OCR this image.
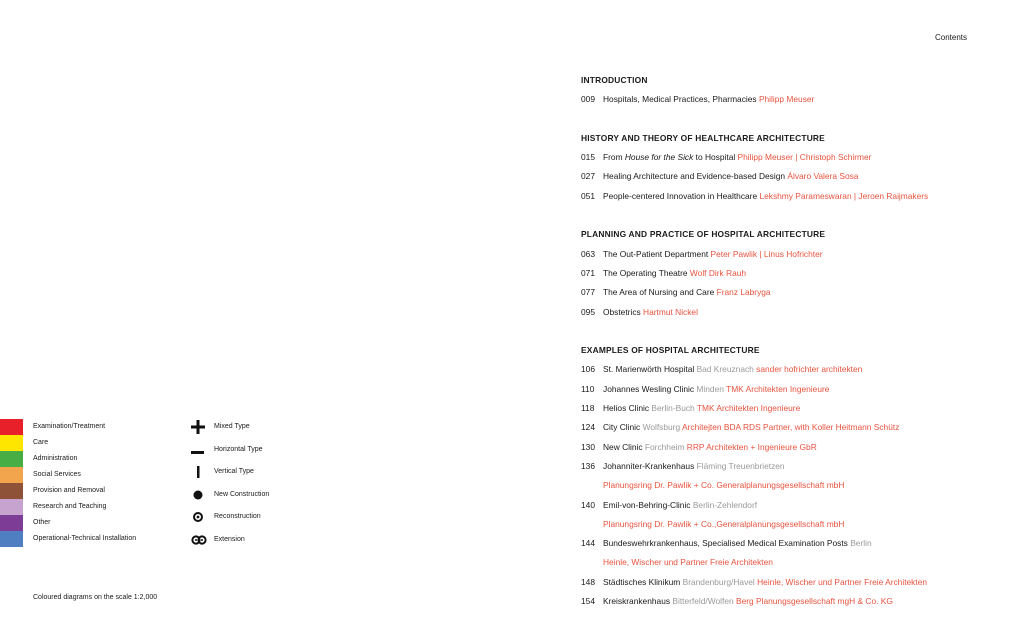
Contents
Examination/Treatment
Care
Administration
Social Services
Provision and Removal
Research and Teaching
Other
Operational-Technical Installation
Mixed Type
Horizontal Type
Vertical Type
New Construction
Reconstruction
Extension
Coloured diagrams on the scale 1:2,000
INTRODUCTION
009 Hospitals, Medical Practices, Pharmacies Philipp Meuser
HISTORY AND THEORY OF HEALTHCARE ARCHITECTURE
015 From House for the Sick to Hospital Philipp Meuser | Christoph Schirmer
027 Healing Architecture and Evidence-based Design Álvaro Valera Sosa
051 People-centered Innovation in Healthcare Lekshmy Parameswaran | Jeroen Raijmakers
PLANNING AND PRACTICE OF HOSPITAL ARCHITECTURE
063 The Out-Patient Department Peter Pawlik | Linus Hofrichter
071 The Operating Theatre Wolf Dirk Rauh
077 The Area of Nursing and Care Franz Labryga
095 Obstetrics Hartmut Nickel
EXAMPLES OF HOSPITAL ARCHITECTURE
106 St. Marienwörth Hospital Bad Kreuznach sander hofrichter architekten
110 Johannes Wesling Clinic Minden TMK Architekten Ingenieure
118 Helios Clinic Berlin-Buch TMK Architekten Ingenieure
124 City Clinic Wolfsburg Architejten BDA RDS Partner, with Koller Heitmann Schütz
130 New Clinic Forchheim RRP Architekten + Ingenieure GbR
136 Johanniter-Krankenhaus Fläming Treuenbrietzen
Planungsring Dr. Pawlik + Co. Generalplanungsgesellschaft mbH
140 Emil-von-Behring-Clinic Berlin-Zehlendorf
Planungsring Dr. Pawlik + Co.,Generalplanungsgesellschaft mbH
144 Bundeswehrkrankenhaus, Specialised Medical Examination Posts Berlin
Heinle, Wischer und Partner Freie Architekten
148 Städtisches Klinikum Brandenburg/Havel Heinle, Wischer und Partner Freie Architekten
154 Kreiskrankenhaus Bitterfeld/Wolfen Berg Planungsgesellschaft mgH & Co. KG
